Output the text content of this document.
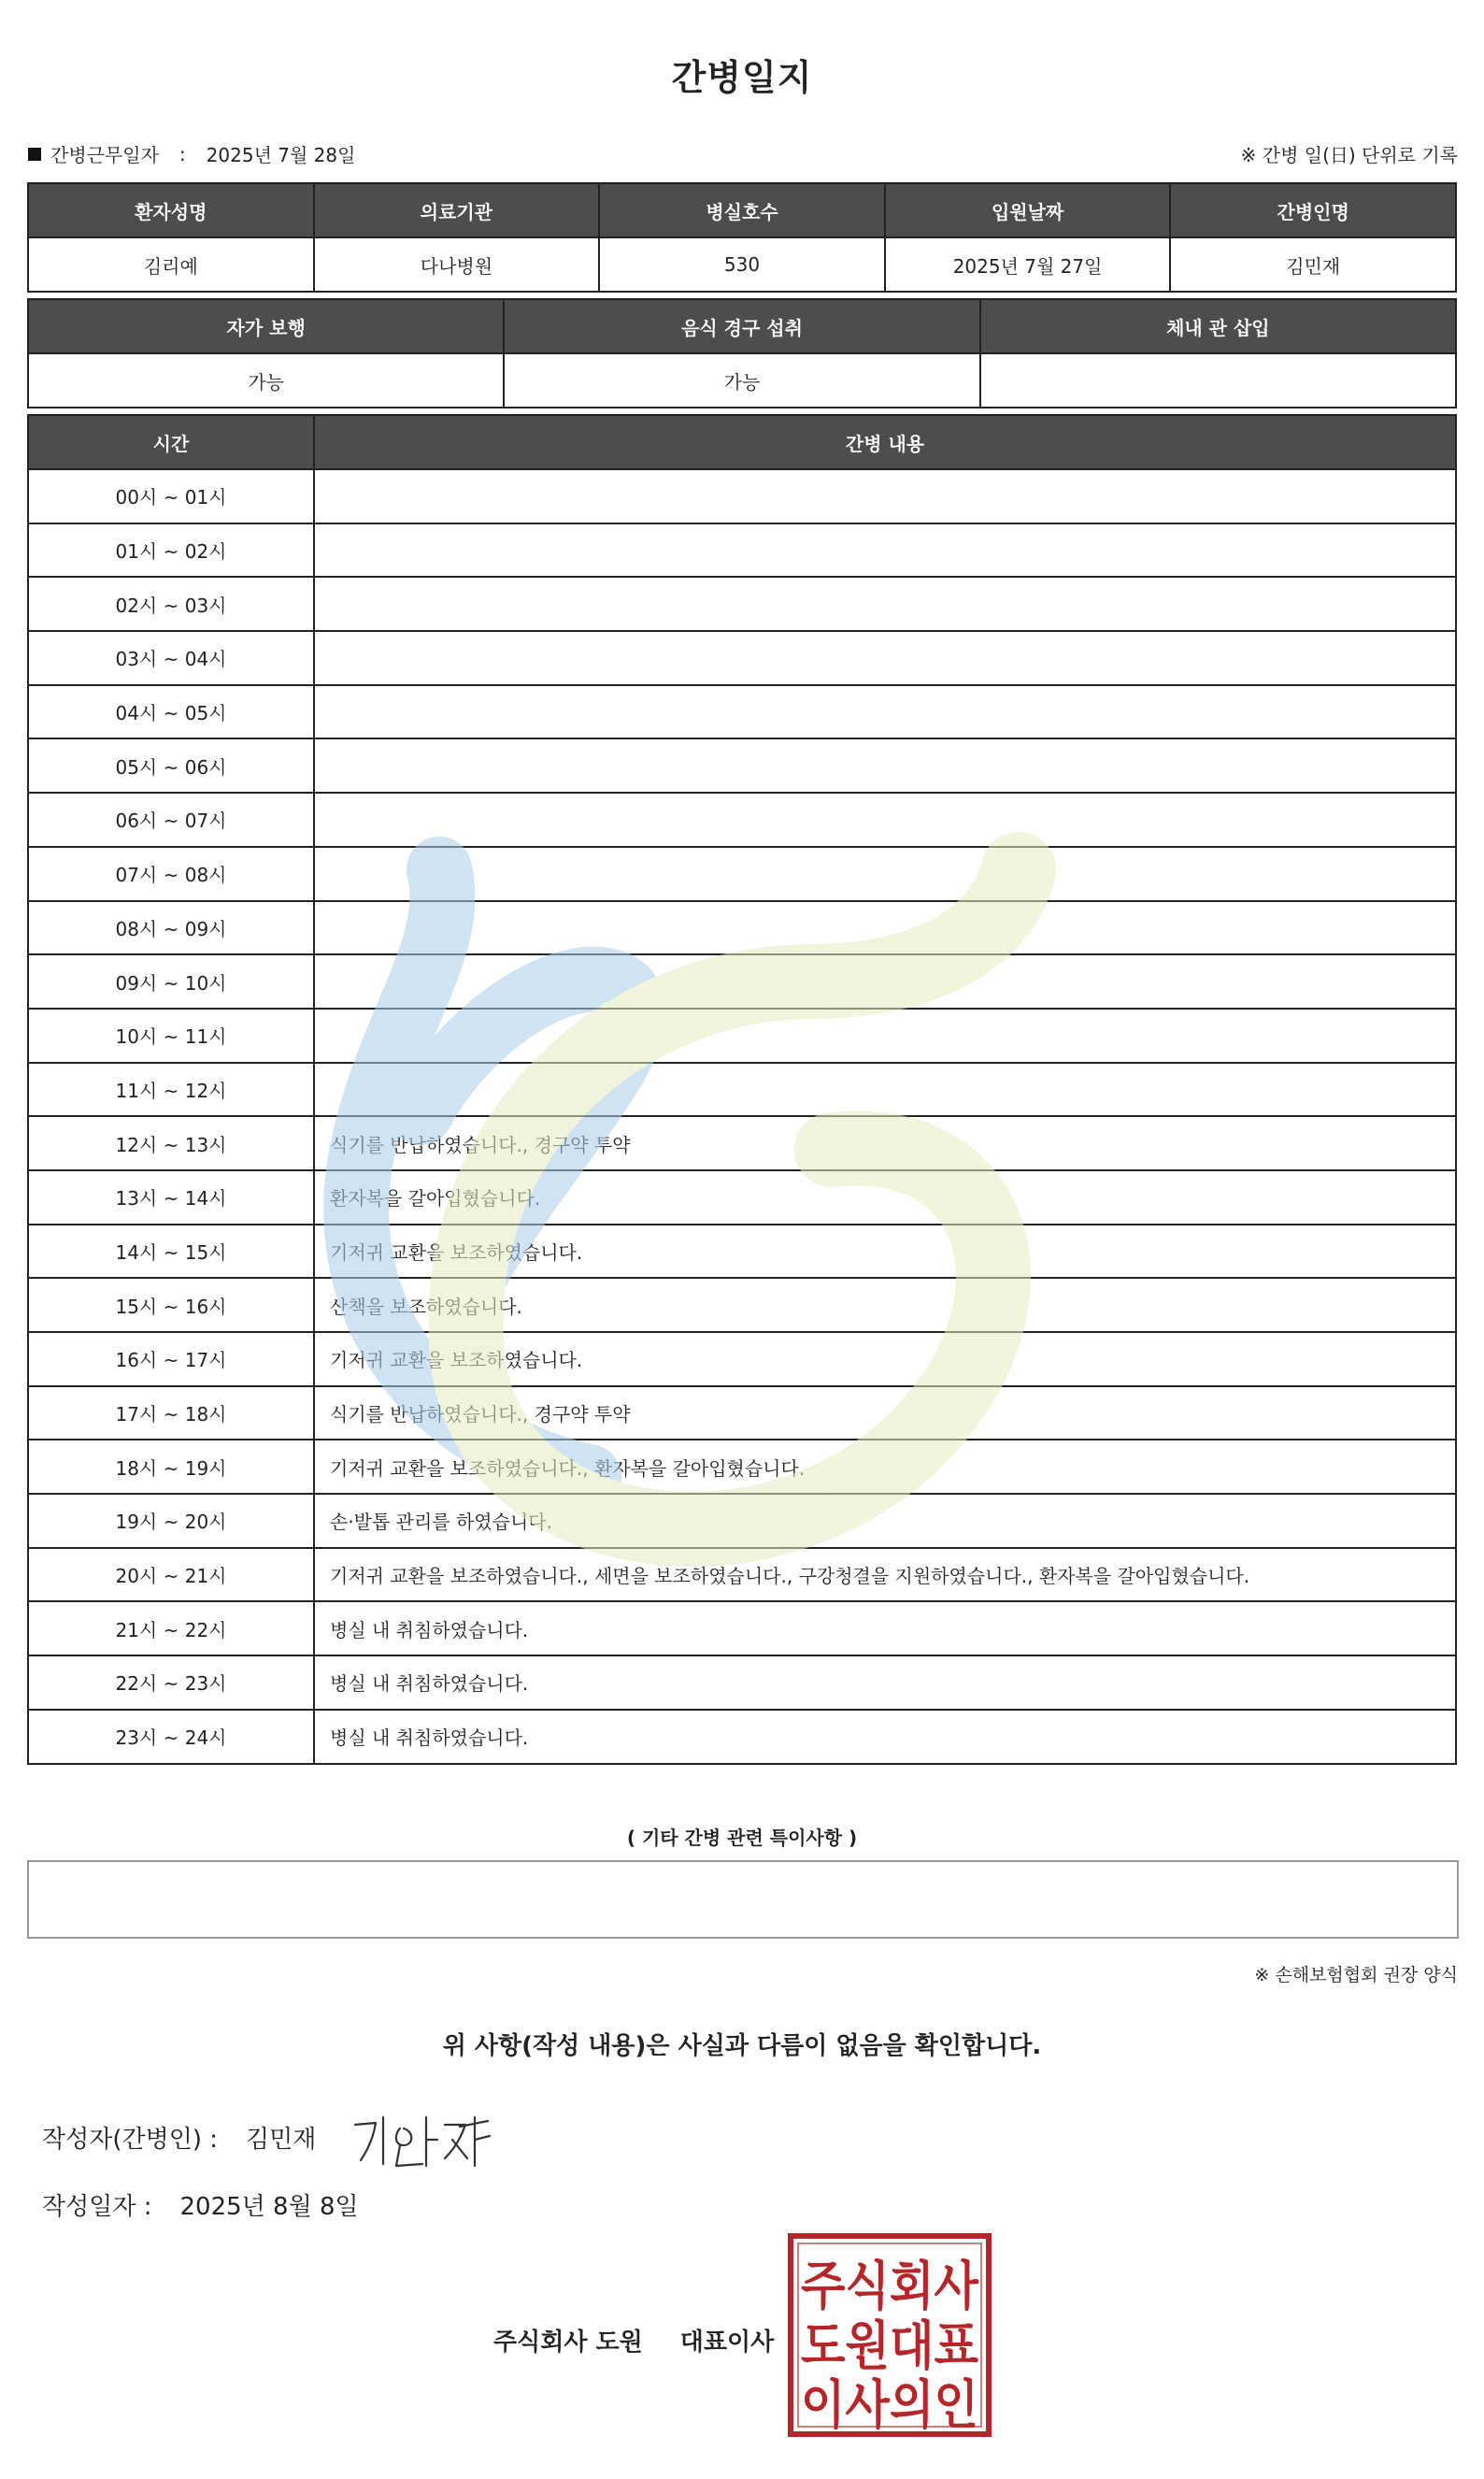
간병일지
간병근무일자 : 2025년 7월 28일	※ 간병 일(日) 단위로 기록
환자성명	의료기관	병실호수	입원날짜	간병인명
김리예	다나병원	530	2025년 7월 27일	김민재
자가 보행	음식 경구 섭취	체내 관 삽입
가능	가능	
시간	간병 내용
00시 ~ 01시	
01시 ~ 02시	
02시 ~ 03시	
03시 ~ 04시	
04시 ~ 05시	
05시 ~ 06시	
06시 ~ 07시	
07시 ~ 08시	
08시 ~ 09시	
09시 ~ 10시	
10시 ~ 11시	
11시 ~ 12시	
12시 ~ 13시	식기를 반납하였습니다., 경구약 투약
13시 ~ 14시	환자복을 갈아입혔습니다.
14시 ~ 15시	기저귀 교환을 보조하였습니다.
15시 ~ 16시	산책을 보조하였습니다.
16시 ~ 17시	기저귀 교환을 보조하였습니다.
17시 ~ 18시	식기를 반납하였습니다., 경구약 투약
18시 ~ 19시	기저귀 교환을 보조하였습니다., 환자복을 갈아입혔습니다.
19시 ~ 20시	손·발톱 관리를 하였습니다.
20시 ~ 21시	기저귀 교환을 보조하였습니다., 세면을 보조하였습니다., 구강청결을 지원하였습니다., 환자복을 갈아입혔습니다.
21시 ~ 22시	병실 내 취침하였습니다.
22시 ~ 23시	병실 내 취침하였습니다.
23시 ~ 24시	병실 내 취침하였습니다.
( 기타 간병 관련 특이사항 )
※ 손해보험협회 권장 양식
위 사항(작성 내용)은 사실과 다름이 없음을 확인합니다.
작성자(간병인) : 김민재
작성일자 : 2025년 8월 8일
주식회사 도원 대표이사
주식회사
도원대표
이사의인
